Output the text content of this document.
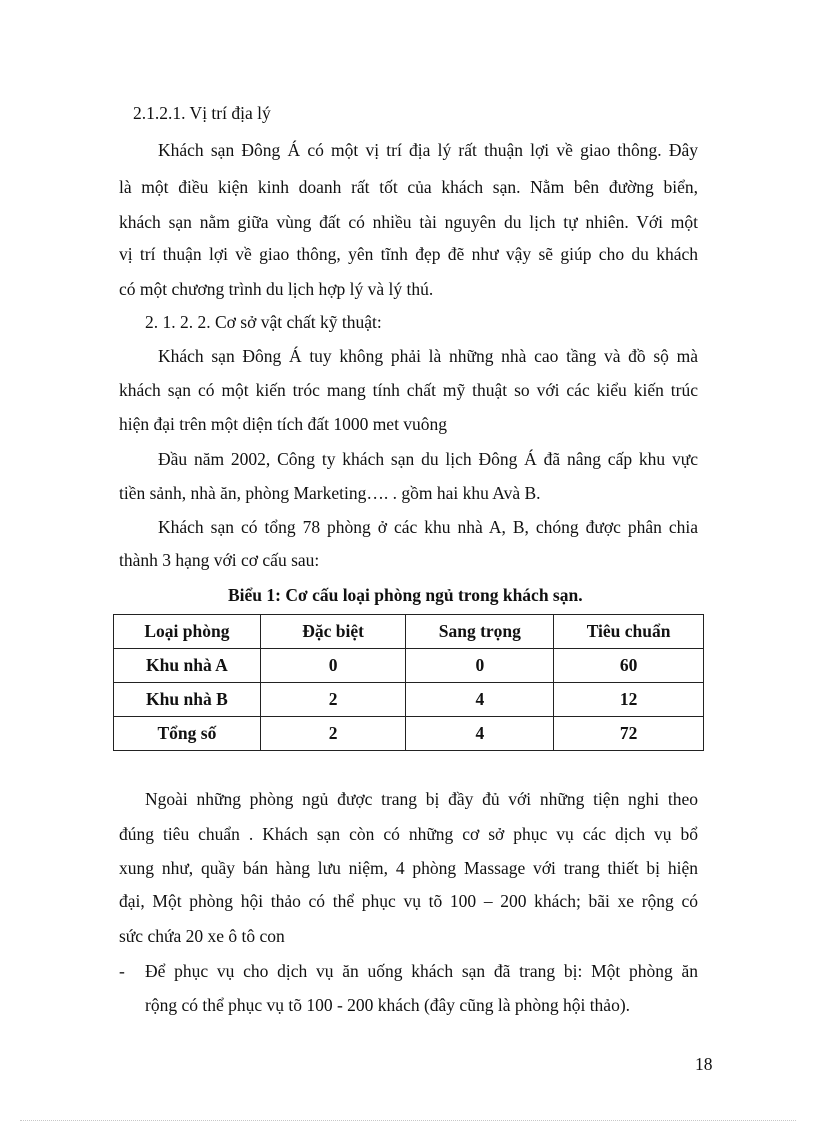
2.1.2.1. Vị trí địa lý
Khách sạn Đông Á có một vị trí địa lý rất thuận lợi về giao thông. Đây
là một điều kiện kinh doanh rất tốt của khách sạn. Nằm bên đường biển,
khách sạn nằm giữa vùng đất có nhiều tài nguyên du lịch tự nhiên. Với một
vị trí thuận lợi về giao thông, yên tĩnh đẹp đẽ như vậy sẽ giúp cho du khách
có một chương trình du lịch hợp lý và lý thú.
2. 1. 2. 2. Cơ sở vật chất kỹ thuật:
Khách sạn Đông Á tuy không phải là những nhà cao tầng và đồ sộ mà
khách sạn có một kiến tróc mang tính chất mỹ thuật so với các kiểu kiến trúc
hiện đại trên một diện tích đất 1000 met vuông
Đầu năm 2002, Công ty khách sạn du lịch Đông Á đã nâng cấp khu vực
tiền sảnh, nhà ăn, phòng Marketing…. . gồm hai khu Avà B.
Khách sạn có tổng 78 phòng ở các khu nhà A, B, chóng được phân chia
thành 3 hạng với cơ cấu sau:
Biểu 1: Cơ cấu loại phòng ngủ trong khách sạn.
Loại phòng	Đặc biệt	Sang trọng	Tiêu chuẩn
Khu nhà A	0	0	60
Khu nhà B	2	4	12
Tổng số	2	4	72
Ngoài những phòng ngủ được trang bị đầy đủ với những tiện nghi theo
đúng tiêu chuẩn . Khách sạn còn có những cơ sở phục vụ các dịch vụ bổ
xung như, quầy bán hàng lưu niệm, 4 phòng Massage với trang thiết bị hiện
đại, Một phòng hội thảo có thể phục vụ tõ 100 – 200 khách; bãi xe rộng có
sức chứa 20 xe ô tô con
- Để phục vụ cho dịch vụ ăn uống khách sạn đã trang bị: Một phòng ăn
rộng có thể phục vụ tõ 100 - 200 khách (đây cũng là phòng hội thảo).
18
